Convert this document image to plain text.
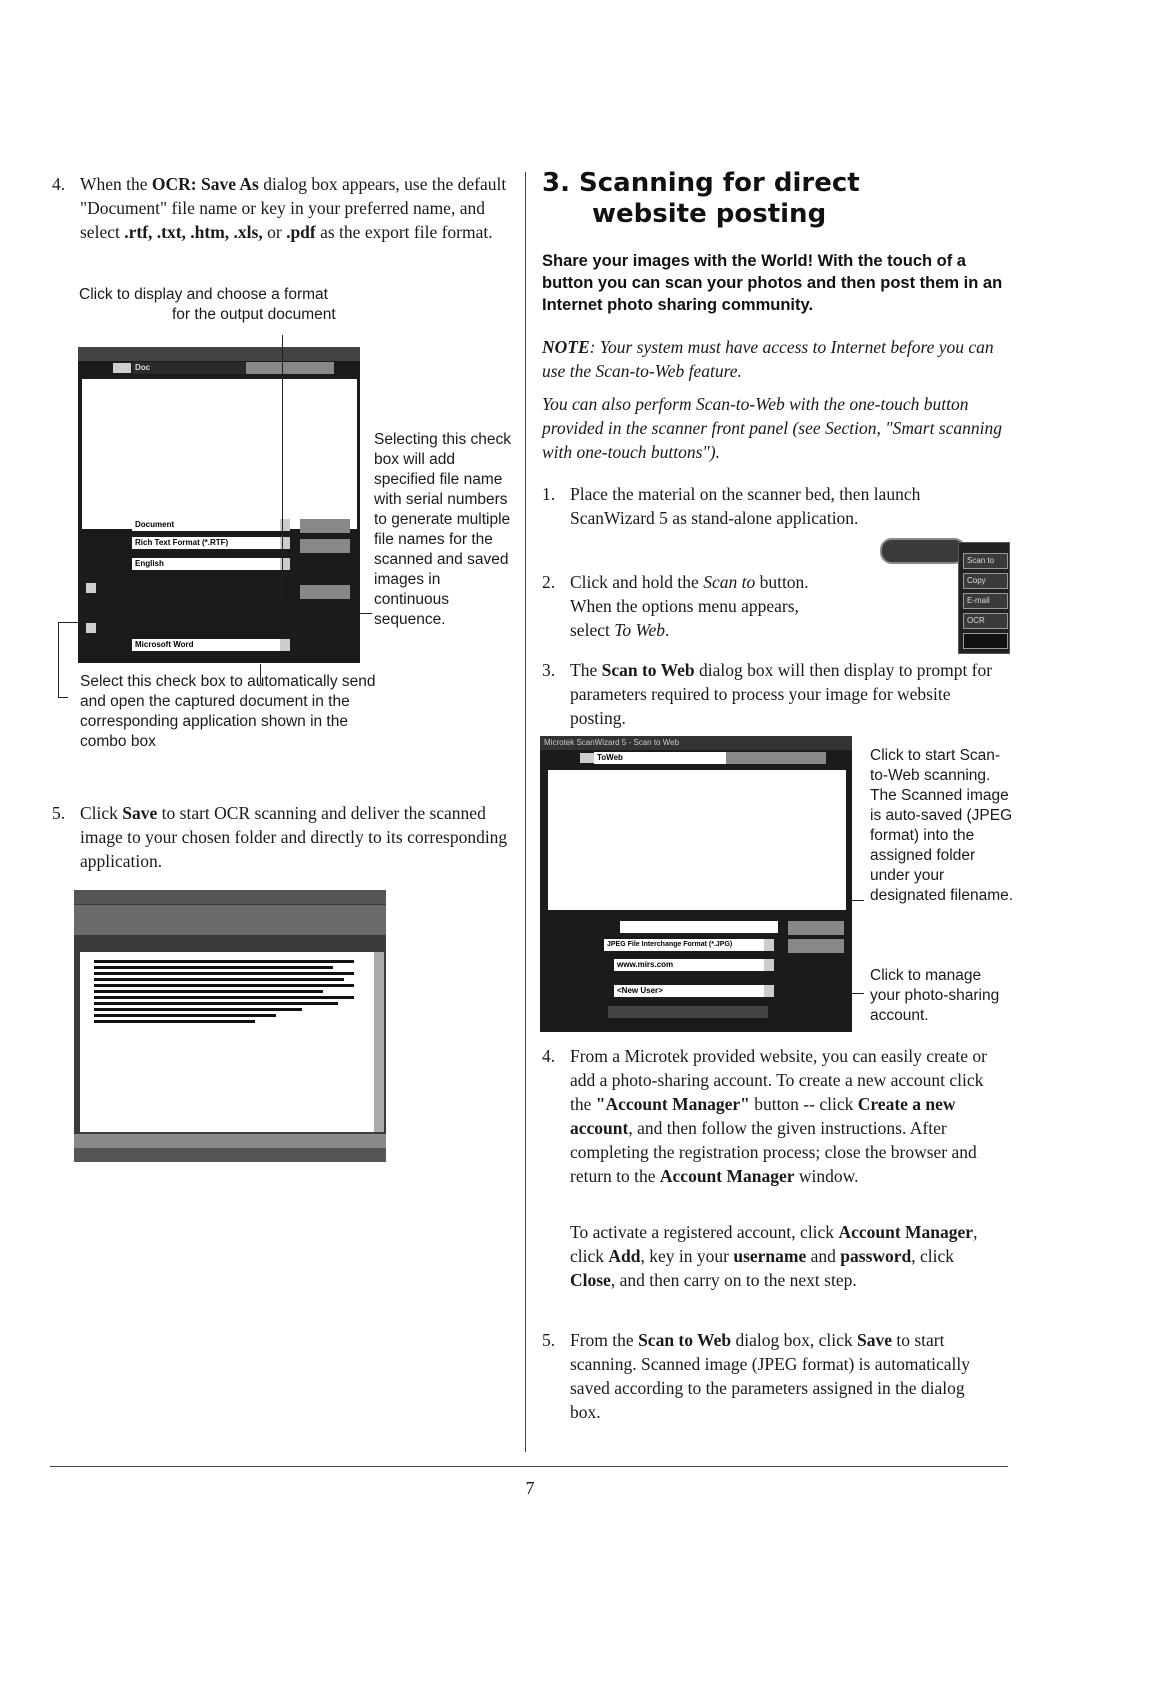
4. When the OCR: Save As dialog box appears, use the default "Document" file name or key in your preferred name, and select .rtf, .txt, .htm, .xls, or .pdf as the export file format.
Click to display and choose a format
for the output document
Doc
Document
Rich Text Format (*.RTF)
English
Microsoft Word
Selecting this check box will add specified file name with serial numbers to generate multiple file names for the scanned and saved images in continuous sequence.
Select this check box to automatically send and open the captured document in the corresponding application shown in the combo box
5. Click Save to start OCR scanning and deliver the scanned image to your chosen folder and directly to its corresponding application.
3. Scanning for direct
website posting
Share your images with the World! With the touch of a button you can scan your photos and then post them in an Internet photo sharing community.
NOTE: Your system must have access to Internet before you can use the Scan-to-Web feature.
You can also perform Scan-to-Web with the one-touch button provided in the scanner front panel (see Section, "Smart scanning with one-touch buttons").
1. Place the material on the scanner bed, then launch ScanWizard 5 as stand-alone application.
2. Click and hold the Scan to button. When the options menu appears, select To Web.
Scan to
Copy
E-mail
OCR
3. The Scan to Web dialog box will then display to prompt for parameters required to process your image for website posting.
Microtek ScanWizard 5 - Scan to Web
ToWeb
JPEG File Interchange Format (*.JPG)
www.mirs.com
<New User>
Click to start Scan-to-Web scanning. The Scanned image is auto-saved (JPEG format) into the assigned folder under your designated filename.
Click to manage your photo-sharing account.
4. From a Microtek provided website, you can easily create or add a photo-sharing account. To create a new account click the "Account Manager" button -- click Create a new account, and then follow the given instructions. After completing the registration process; close the browser and return to the Account Manager window.
To activate a registered account, click Account Manager, click Add, key in your username and password, click Close, and then carry on to the next step.
5. From the Scan to Web dialog box, click Save to start scanning. Scanned image (JPEG format) is automatically saved according to the parameters assigned in the dialog box.
7
